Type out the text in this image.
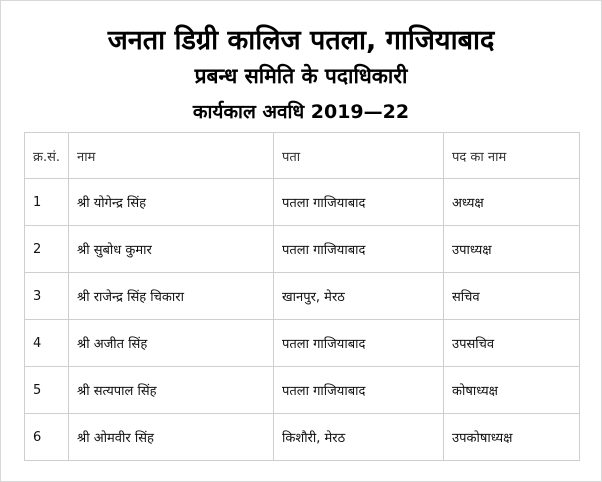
जनता डिग्री कालिज पतला, गाजियाबाद
प्रबन्ध समिति के पदाधिकारी
कार्यकाल अवधि 2019—22
क्र.सं.	नाम	पता	पद का नाम
1	श्री योगेन्द्र सिंह	पतला गाजियाबाद	अध्यक्ष
2	श्री सुबोध कुमार	पतला गाजियाबाद	उपाध्यक्ष
3	श्री राजेन्द्र सिंह चिकारा	खानपुर, मेरठ	सचिव
4	श्री अजीत सिंह	पतला गाजियाबाद	उपसचिव
5	श्री सत्यपाल सिंह	पतला गाजियाबाद	कोषाध्यक्ष
6	श्री ओमवीर सिंह	किशौरी, मेरठ	उपकोषाध्यक्ष
